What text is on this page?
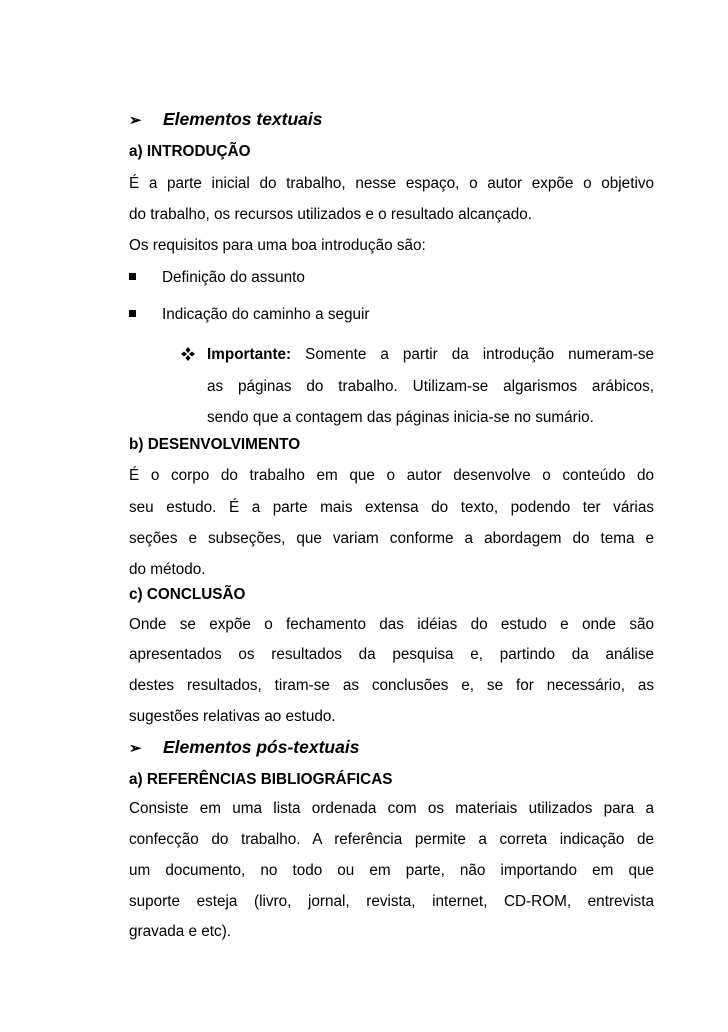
➢ Elementos textuais
a) INTRODUÇÃO
É a parte inicial do trabalho, nesse espaço, o autor expõe o objetivo
do trabalho, os recursos utilizados e o resultado alcançado.
Os requisitos para uma boa introdução são:
Definição do assunto
Indicação do caminho a seguir
Importante: Somente a partir da introdução numeram-se
as páginas do trabalho. Utilizam-se algarismos arábicos,
sendo que a contagem das páginas inicia-se no sumário.
b) DESENVOLVIMENTO
É o corpo do trabalho em que o autor desenvolve o conteúdo do
seu estudo. É a parte mais extensa do texto, podendo ter várias
seções e subseções, que variam conforme a abordagem do tema e
do método.
c) CONCLUSÃO
Onde se expõe o fechamento das idéias do estudo e onde são
apresentados os resultados da pesquisa e, partindo da análise
destes resultados, tiram-se as conclusões e, se for necessário, as
sugestões relativas ao estudo.
➢ Elementos pós-textuais
a) REFERÊNCIAS BIBLIOGRÁFICAS
Consiste em uma lista ordenada com os materiais utilizados para a
confecção do trabalho. A referência permite a correta indicação de
um documento, no todo ou em parte, não importando em que
suporte esteja (livro, jornal, revista, internet, CD-ROM, entrevista
gravada e etc).
